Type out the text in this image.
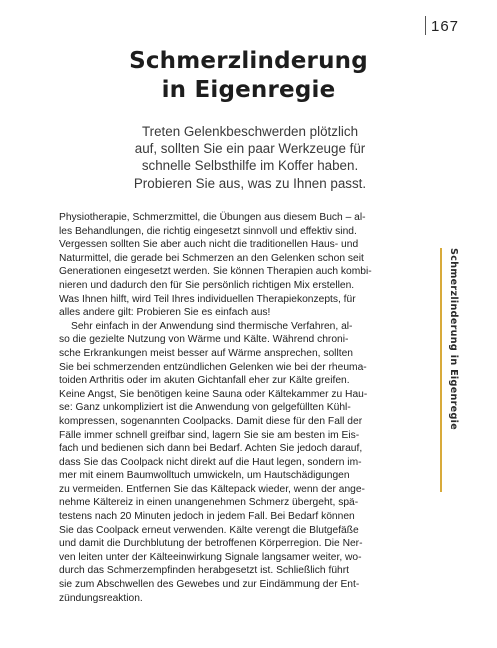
167
Schmerzlinderung
in Eigenregie
Treten Gelenkbeschwerden plötzlich
auf, sollten Sie ein paar Werkzeuge für
schnelle Selbsthilfe im Koffer haben.
Probieren Sie aus, was zu Ihnen passt.
Physiotherapie, Schmerzmittel, die Übungen aus diesem Buch – al-
les Behandlungen, die richtig eingesetzt sinnvoll und effektiv sind.
Vergessen sollten Sie aber auch nicht die traditionellen Haus- und
Naturmittel, die gerade bei Schmerzen an den Gelenken schon seit
Generationen eingesetzt werden. Sie können Therapien auch kombi-
nieren und dadurch den für Sie persönlich richtigen Mix erstellen.
Was Ihnen hilft, wird Teil Ihres individuellen Therapiekonzepts, für
alles andere gilt: Probieren Sie es einfach aus!
Sehr einfach in der Anwendung sind thermische Verfahren, al-
so die gezielte Nutzung von Wärme und Kälte. Während chroni-
sche Erkrankungen meist besser auf Wärme ansprechen, sollten
Sie bei schmerzenden entzündlichen Gelenken wie bei der rheuma-
toiden Arthritis oder im akuten Gichtanfall eher zur Kälte greifen.
Keine Angst, Sie benötigen keine Sauna oder Kältekammer zu Hau-
se: Ganz unkompliziert ist die Anwendung von gelgefüllten Kühl-
kompressen, sogenannten Coolpacks. Damit diese für den Fall der
Fälle immer schnell greifbar sind, lagern Sie sie am besten im Eis-
fach und bedienen sich dann bei Bedarf. Achten Sie jedoch darauf,
dass Sie das Coolpack nicht direkt auf die Haut legen, sondern im-
mer mit einem Baumwolltuch umwickeln, um Hautschädigungen
zu vermeiden. Entfernen Sie das Kältepack wieder, wenn der ange-
nehme Kältereiz in einen unangenehmen Schmerz übergeht, spä-
testens nach 20 Minuten jedoch in jedem Fall. Bei Bedarf können
Sie das Coolpack erneut verwenden. Kälte verengt die Blutgefäße
und damit die Durchblutung der betroffenen Körperregion. Die Ner-
ven leiten unter der Kälteeinwirkung Signale langsamer weiter, wo-
durch das Schmerzempfinden herabgesetzt ist. Schließlich führt
sie zum Abschwellen des Gewebes und zur Eindämmung der Ent-
zündungsreaktion.
Schmerzlinderung in Eigenregie
